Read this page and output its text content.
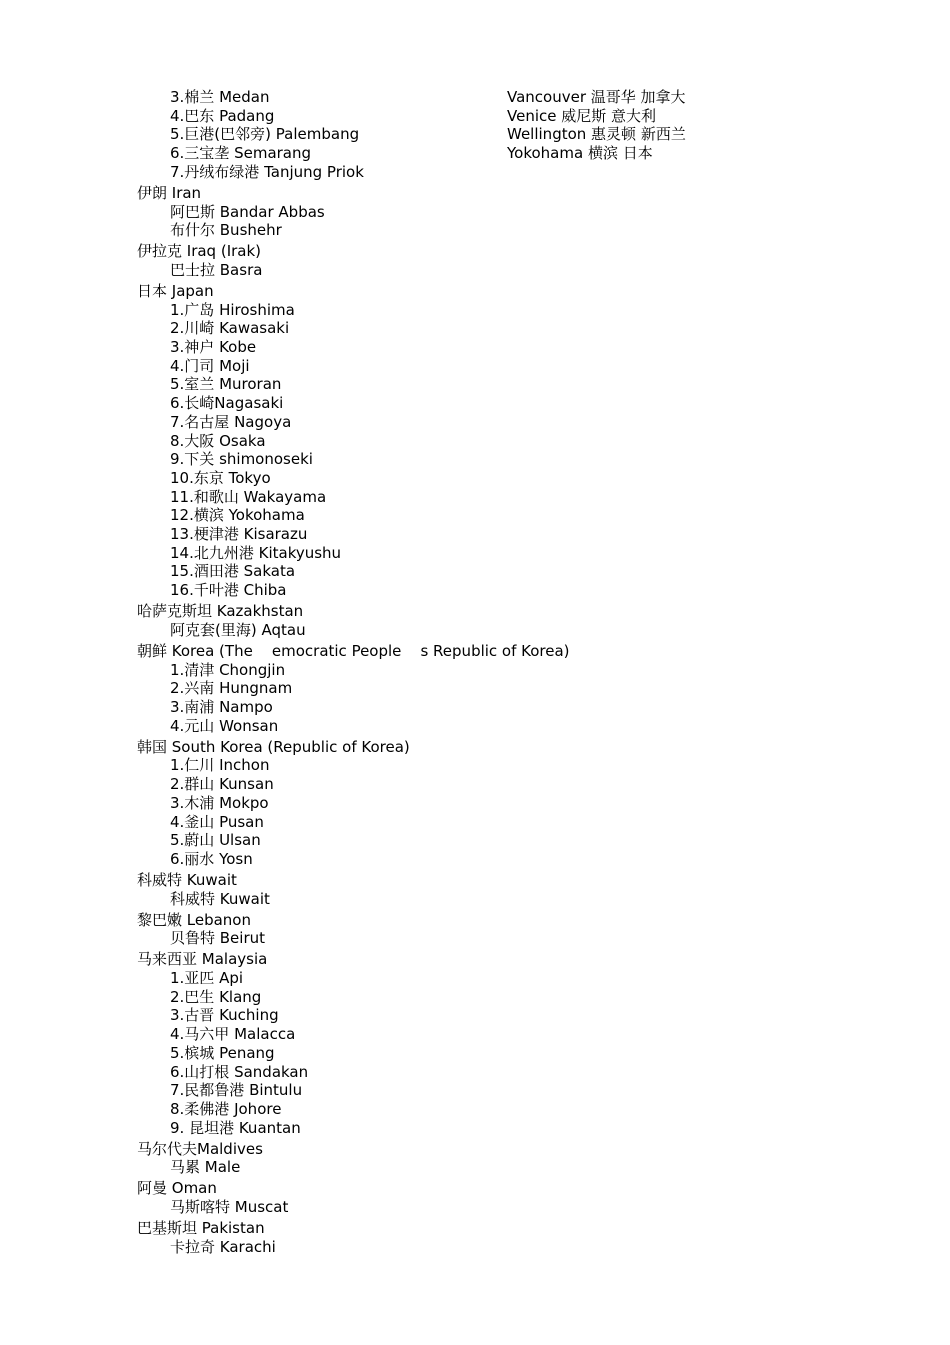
3.棉兰 Medan
4.巴东 Padang
5.巨港(巴邻旁) Palembang
6.三宝垄 Semarang
7.丹绒布绿港 Tanjung Priok
伊朗 Iran
阿巴斯 Bandar Abbas
布什尔 Bushehr
伊拉克 Iraq (Irak)
巴士拉 Basra
日本 Japan
1.广岛 Hiroshima
2.川崎 Kawasaki
3.神户 Kobe
4.门司 Moji
5.室兰 Muroran
6.长崎Nagasaki
7.名古屋 Nagoya
8.大阪 Osaka
9.下关 shimonoseki
10.东京 Tokyo
11.和歌山 Wakayama
12.横滨 Yokohama
13.梗津港 Kisarazu
14.北九州港 Kitakyushu
15.酒田港 Sakata
16.千叶港 Chiba
哈萨克斯坦 Kazakhstan
阿克套(里海) Aqtau
朝鲜 Korea (The    emocratic People    s Republic of Korea)
1.清津 Chongjin
2.兴南 Hungnam
3.南浦 Nampo
4.元山 Wonsan
韩国 South Korea (Republic of Korea)
1.仁川 Inchon
2.群山 Kunsan
3.木浦 Mokpo
4.釜山 Pusan
5.蔚山 Ulsan
6.丽水 Yosn
科威特 Kuwait
科威特 Kuwait
黎巴嫩 Lebanon
贝鲁特 Beirut
马来西亚 Malaysia
1.亚匹 Api
2.巴生 Klang
3.古晋 Kuching
4.马六甲 Malacca
5.槟城 Penang
6.山打根 Sandakan
7.民都鲁港 Bintulu
8.柔佛港 Johore
9. 昆坦港 Kuantan
马尔代夫Maldives
马累 Male
阿曼 Oman
马斯喀特 Muscat
巴基斯坦 Pakistan
卡拉奇 Karachi
Vancouver 温哥华 加拿大
Venice 威尼斯 意大利
Wellington 惠灵顿 新西兰
Yokohama 横滨 日本
